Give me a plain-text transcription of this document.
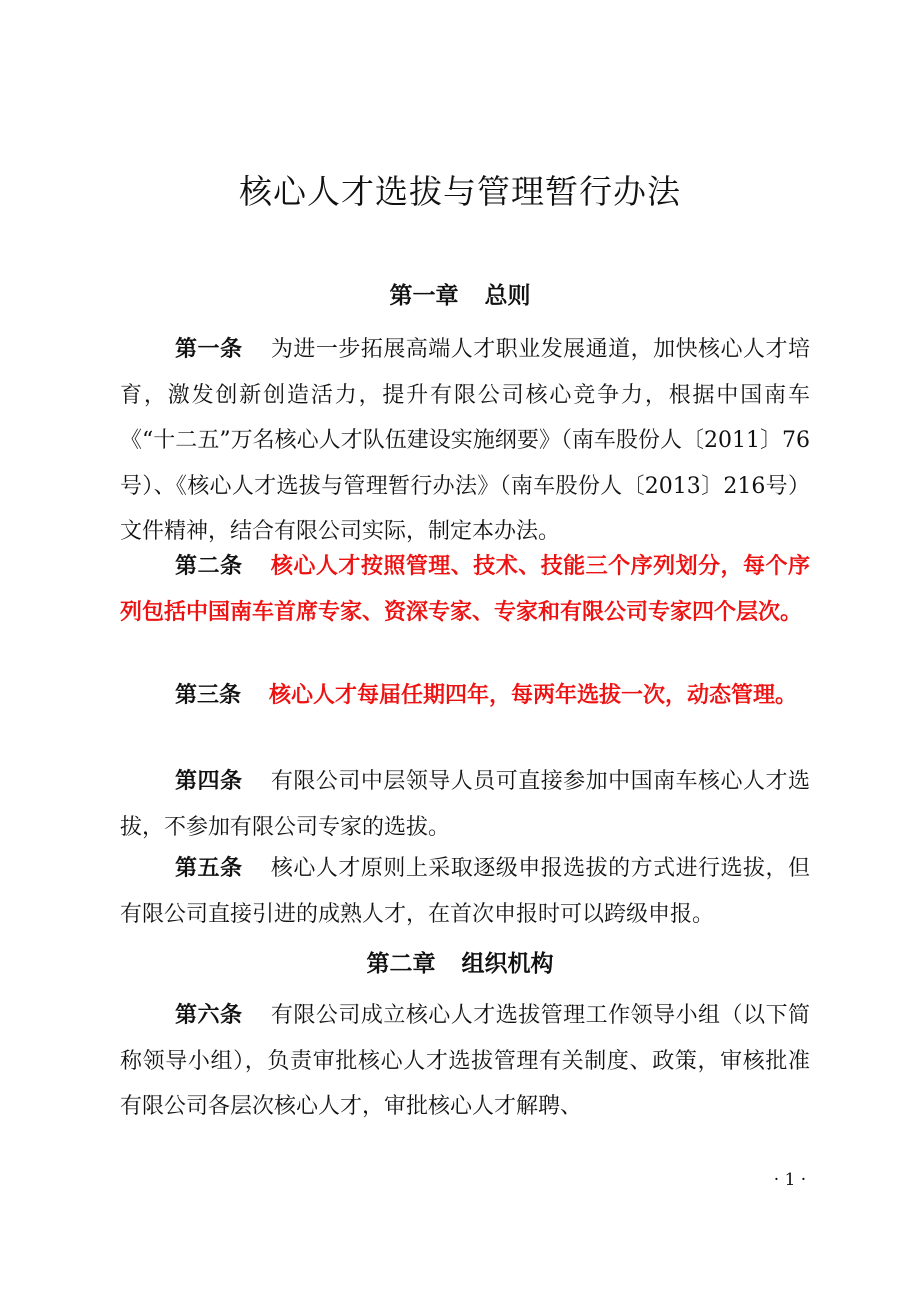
核心人才选拔与管理暂行办法
第一章 总则
第一条 为进一步拓展高端人才职业发展通道，加快核心人才培育，激发创新创造活力，提升有限公司核心竞争力，根据中国南车《“十二五”万名核心人才队伍建设实施纲要》（南车股份人〔2011〕76号）、《核心人才选拔与管理暂行办法》（南车股份人〔2013〕216号）文件精神，结合有限公司实际，制定本办法。
第二条 核心人才按照管理、技术、技能三个序列划分，每个序列包括中国南车首席专家、资深专家、专家和有限公司专家四个层次。
第三条 核心人才每届任期四年，每两年选拔一次，动态管理。
第四条 有限公司中层领导人员可直接参加中国南车核心人才选拔，不参加有限公司专家的选拔。
第五条 核心人才原则上采取逐级申报选拔的方式进行选拔，但有限公司直接引进的成熟人才，在首次申报时可以跨级申报。
第二章 组织机构
第六条 有限公司成立核心人才选拔管理工作领导小组（以下简称领导小组），负责审批核心人才选拔管理有关制度、政策，审核批准有限公司各层次核心人才，审批核心人才解聘、
· 1 ·
